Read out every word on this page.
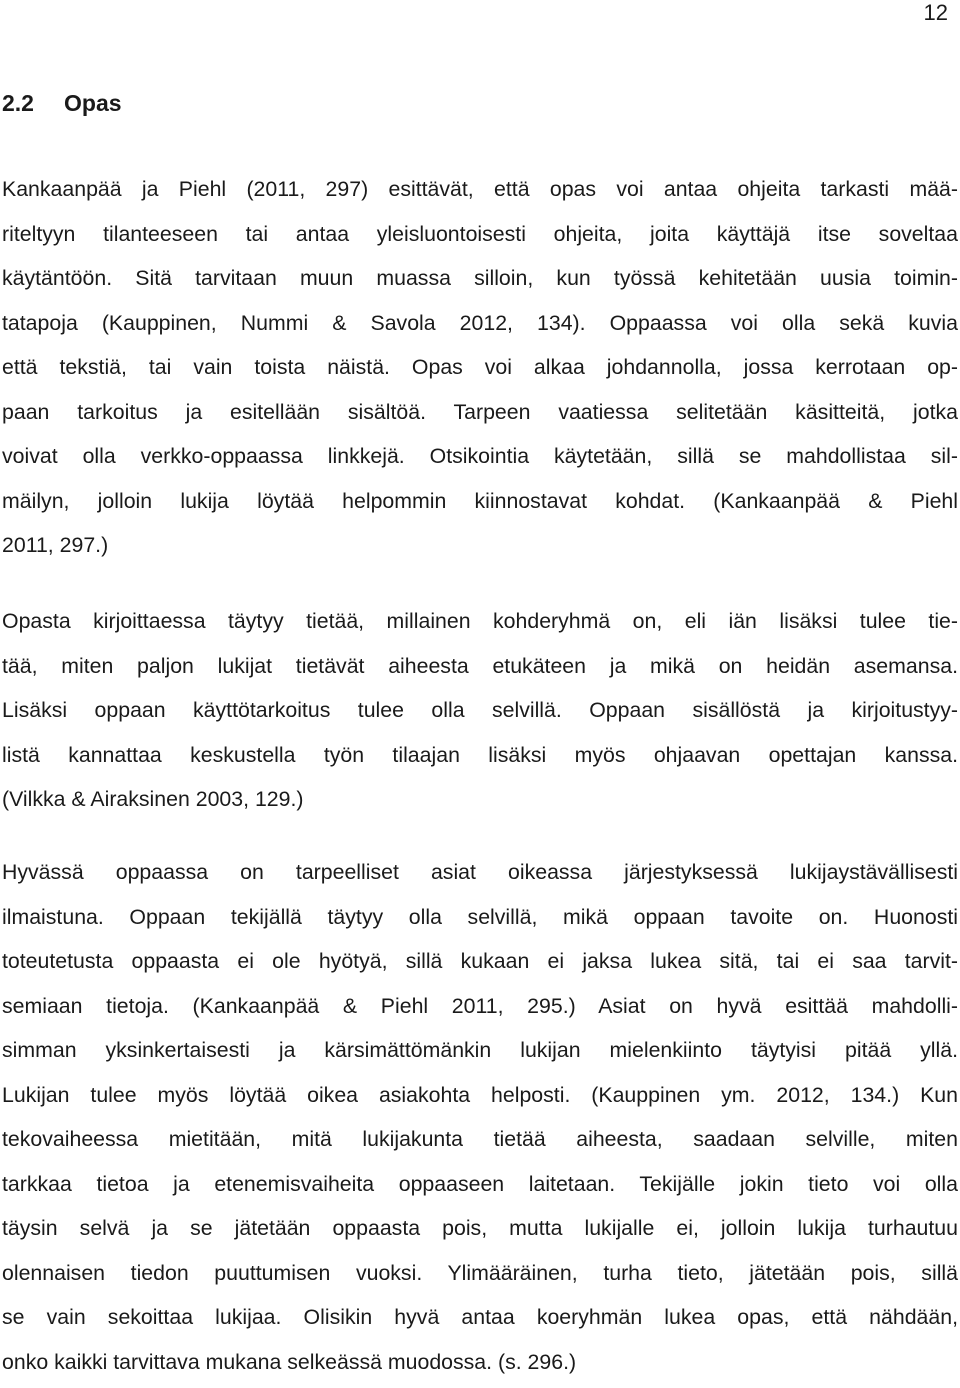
12
2.2 Opas
Kankaanpää ja Piehl (2011, 297) esittävät, että opas voi antaa ohjeita tarkasti mää-
riteltyyn tilanteeseen tai antaa yleisluontoisesti ohjeita, joita käyttäjä itse soveltaa
käytäntöön. Sitä tarvitaan muun muassa silloin, kun työssä kehitetään uusia toimin-
tatapoja (Kauppinen, Nummi & Savola 2012, 134). Oppaassa voi olla sekä kuvia
että tekstiä, tai vain toista näistä. Opas voi alkaa johdannolla, jossa kerrotaan op-
paan tarkoitus ja esitellään sisältöä. Tarpeen vaatiessa selitetään käsitteitä, jotka
voivat olla verkko-oppaassa linkkejä. Otsikointia käytetään, sillä se mahdollistaa sil-
mäilyn, jolloin lukija löytää helpommin kiinnostavat kohdat. (Kankaanpää & Piehl
2011, 297.)
Opasta kirjoittaessa täytyy tietää, millainen kohderyhmä on, eli iän lisäksi tulee tie-
tää, miten paljon lukijat tietävät aiheesta etukäteen ja mikä on heidän asemansa.
Lisäksi oppaan käyttötarkoitus tulee olla selvillä. Oppaan sisällöstä ja kirjoitustyy-
listä kannattaa keskustella työn tilaajan lisäksi myös ohjaavan opettajan kanssa.
(Vilkka & Airaksinen 2003, 129.)
Hyvässä oppaassa on tarpeelliset asiat oikeassa järjestyksessä lukijaystävällisesti
ilmaistuna. Oppaan tekijällä täytyy olla selvillä, mikä oppaan tavoite on. Huonosti
toteutetusta oppaasta ei ole hyötyä, sillä kukaan ei jaksa lukea sitä, tai ei saa tarvit-
semiaan tietoja. (Kankaanpää & Piehl 2011, 295.) Asiat on hyvä esittää mahdolli-
simman yksinkertaisesti ja kärsimättömänkin lukijan mielenkiinto täytyisi pitää yllä.
Lukijan tulee myös löytää oikea asiakohta helposti. (Kauppinen ym. 2012, 134.) Kun
tekovaiheessa mietitään, mitä lukijakunta tietää aiheesta, saadaan selville, miten
tarkkaa tietoa ja etenemisvaiheita oppaaseen laitetaan. Tekijälle jokin tieto voi olla
täysin selvä ja se jätetään oppaasta pois, mutta lukijalle ei, jolloin lukija turhautuu
olennaisen tiedon puuttumisen vuoksi. Ylimääräinen, turha tieto, jätetään pois, sillä
se vain sekoittaa lukijaa. Olisikin hyvä antaa koeryhmän lukea opas, että nähdään,
onko kaikki tarvittava mukana selkeässä muodossa. (s. 296.)
